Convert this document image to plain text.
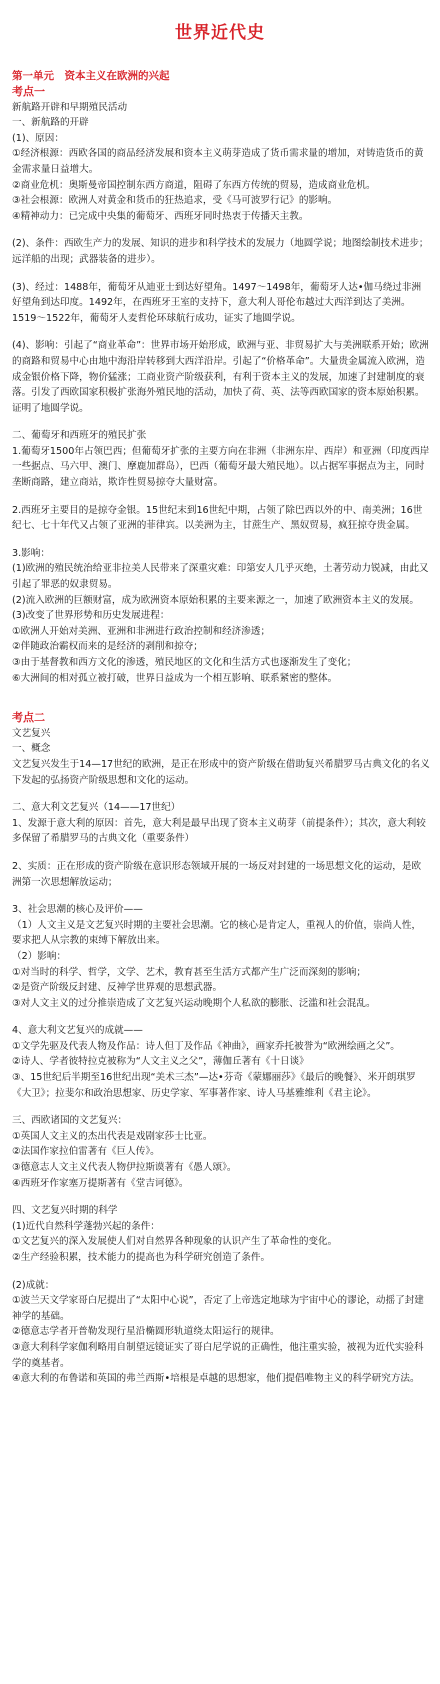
世界近代史
第一单元　资本主义在欧洲的兴起
考点一

新航路开辟和早期殖民活动

一、新航路的开辟

(1)、原因：

①经济根源：西欧各国的商品经济发展和资本主义萌芽造成了货币需求量的增加，对铸造货币的黄金需求量日益增大。

②商业危机：奥斯曼帝国控制东西方商道，阻碍了东西方传统的贸易，造成商业危机。

③社会根源：欧洲人对黄金和货币的狂热追求，受《马可波罗行记》的影响。

④精神动力：已完成中央集的葡萄牙、西班牙同时热衷于传播天主教。

(2)、条件：西欧生产力的发展、知识的进步和科学技术的发展力（地圆学说；地图绘制技术进步；远洋船的出现；武器装备的进步）。

(3)、经过：1488年，葡萄牙从迪亚士到达好望角。1497～1498年，葡萄牙人达•伽马绕过非洲好望角到达印度。1492年，在西班牙王室的支持下，意大利人哥伦布越过大西洋到达了美洲。1519～1522年，葡萄牙人麦哲伦环球航行成功，证实了地圆学说。

(4)、影响：引起了“商业革命”：世界市场开始形成，欧洲与亚、非贸易扩大与美洲联系开始；欧洲的商路和贸易中心由地中海沿岸转移到大西洋沿岸。引起了“价格革命”。大量贵金属流入欧洲，造成金银价格下降，物价猛涨；工商业资产阶级获利，有利于资本主义的发展，加速了封建制度的衰落。引发了西欧国家积极扩张海外殖民地的活动，加快了荷、英、法等西欧国家的资本原始积累。证明了地圆学说。

二、葡萄牙和西班牙的殖民扩张

1.葡萄牙1500年占领巴西；但葡萄牙扩张的主要方向在非洲（非洲东岸、西岸）和亚洲（印度西岸一些据点、马六甲、澳门、摩鹿加群岛），巴西（葡萄牙最大殖民地）。以占据军事据点为主，同时垄断商路，建立商站，欺诈性贸易掠夺大量财富。

2.西班牙主要目的是掠夺金银。15世纪末到16世纪中期，占领了除巴西以外的中、南美洲；16世纪七、七十年代又占领了亚洲的菲律宾。以美洲为主，甘蔗生产、黑奴贸易，疯狂掠夺贵金属。

3.影响：

(1)欧洲的殖民统治给亚非拉美人民带来了深重灾难：印第安人几乎灭绝，土著劳动力锐减，由此又引起了罪恶的奴隶贸易。

(2)流入欧洲的巨额财富，成为欧洲资本原始积累的主要来源之一，加速了欧洲资本主义的发展。

(3)改变了世界形势和历史发展进程：

①欧洲人开始对美洲、亚洲和非洲进行政治控制和经济渗透；

②伴随政治霸权而来的是经济的剥削和掠夺；

③由于基督教和西方文化的渗透，殖民地区的文化和生活方式也逐渐发生了变化；

⑥大洲间的相对孤立被打破，世界日益成为一个相互影响、联系紧密的整体。

考点二

文艺复兴

一、概念

文艺复兴发生于14—17世纪的欧洲，是正在形成中的资产阶级在借助复兴希腊罗马古典文化的名义下发起的弘扬资产阶级思想和文化的运动。

二、意大利文艺复兴（14——17世纪）

1、发源于意大利的原因：首先，意大利是最早出现了资本主义萌芽（前提条件）；其次，意大利较多保留了希腊罗马的古典文化（重要条件）

2、实质：正在形成的资产阶级在意识形态领域开展的一场反对封建的一场思想文化的运动，是欧洲第一次思想解放运动；

3、社会思潮的核心及评价——

（1）人文主义是文艺复兴时期的主要社会思潮。它的核心是肯定人，重视人的价值，崇尚人性，要求把人从宗教的束缚下解放出来。

（2）影响：

①对当时的科学、哲学，文学、艺术，教育甚至生活方式都产生广泛而深刻的影响；

②是资产阶级反封建、反神学世界观的思想武器。

③对人文主义的过分推崇造成了文艺复兴运动晚期个人私欲的膨胀、泛滥和社会混乱。

4、意大利文艺复兴的成就——

①文学先驱及代表人物及作品：诗人但丁及作品《神曲》，画家乔托被誉为“欧洲绘画之父”。

②诗人、学者彼特拉克被称为“人文主义之父”，薄伽丘著有《十日谈》

③、15世纪后半期至16世纪出现“美术三杰”—达•芬奇《蒙娜丽莎》《最后的晚餐》、米开朗琪罗《大卫》；拉斐尔和政治思想家、历史学家、军事著作家、诗人马基雅维利《君主论》。

三、西欧诸国的文艺复兴：

①英国人文主义的杰出代表是戏剧家莎士比亚。

②法国作家拉伯雷著有《巨人传》。

③德意志人文主义代表人物伊拉斯谟著有《愚人颂》。

④西班牙作家塞万提斯著有《堂吉诃德》。

四、文艺复兴时期的科学

(1)近代自然科学蓬勃兴起的条件：

①文艺复兴的深入发展使人们对自然界各种现象的认识产生了革命性的变化。

②生产经验积累，技术能力的提高也为科学研究创造了条件。

(2)成就：

①波兰天文学家哥白尼提出了“太阳中心说”，否定了上帝选定地球为宇宙中心的谬论，动摇了封建神学的基础。

②德意志学者开普勒发现行星沿椭圆形轨道绕太阳运行的规律。

③意大利科学家伽利略用自制望远镜证实了哥白尼学说的正确性，他注重实验，被视为近代实验科学的奠基者。

④意大利的布鲁诺和英国的弗兰西斯•培根是卓越的思想家，他们提倡唯物主义的科学研究方法。
